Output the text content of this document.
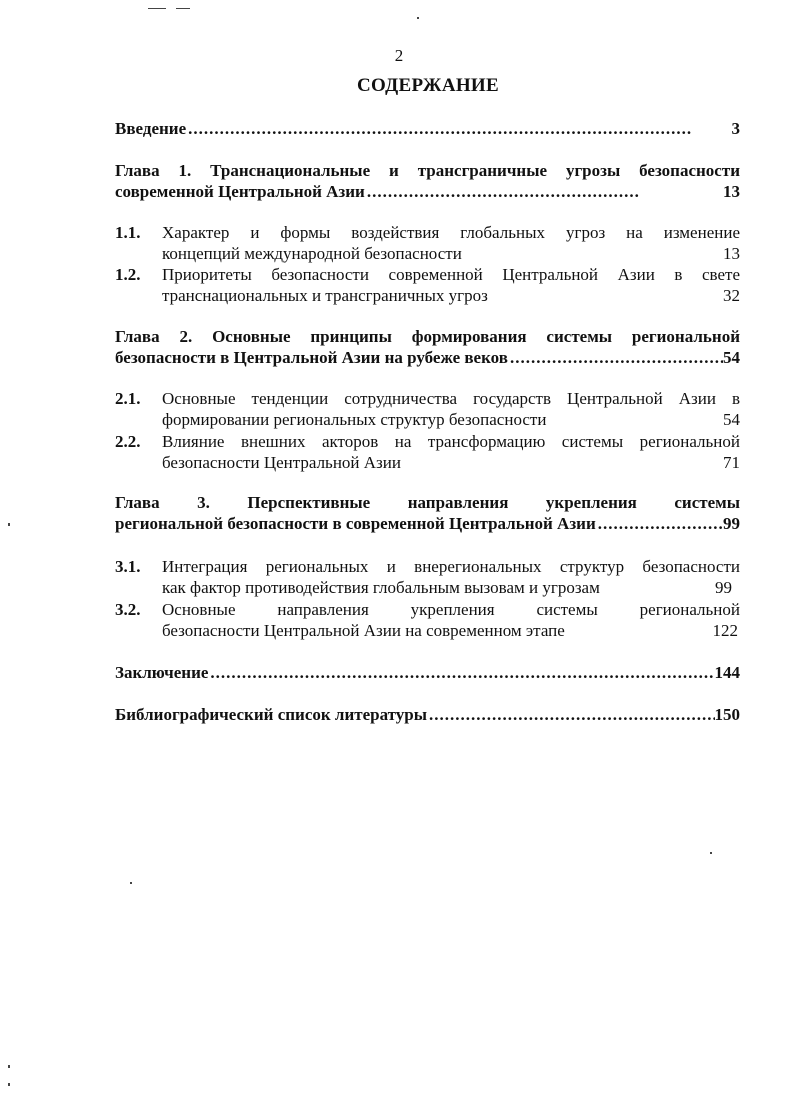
2
СОДЕРЖАНИЕ
Введение .....	3
Глава 1. Транснациональные и трансграничные угрозы безопасности
современной Центральной Азии .....	13
1.1. Характер и формы воздействия глобальных угроз на изменение
концепций международной безопасности	13
1.2. Приоритеты безопасности современной Центральной Азии в свете
транснациональных и трансграничных угроз	32
Глава 2. Основные принципы формирования системы региональной
безопасности в Центральной Азии на рубеже веков .....	54
2.1. Основные тенденции сотрудничества государств Центральной Азии в
формировании региональных структур безопасности	54
2.2. Влияние внешних акторов на трансформацию системы региональной
безопасности Центральной Азии	71
Глава 3. Перспективные направления укрепления системы
региональной безопасности в современной Центральной Азии .....	99
3.1. Интеграция региональных и внерегиональных структур безопасности
как фактор противодействия глобальным вызовам и угрозам	99
3.2. Основные направления укрепления системы региональной
безопасности Центральной Азии на современном этапе	122
Заключение .....	144
Библиографический список литературы .....	150
